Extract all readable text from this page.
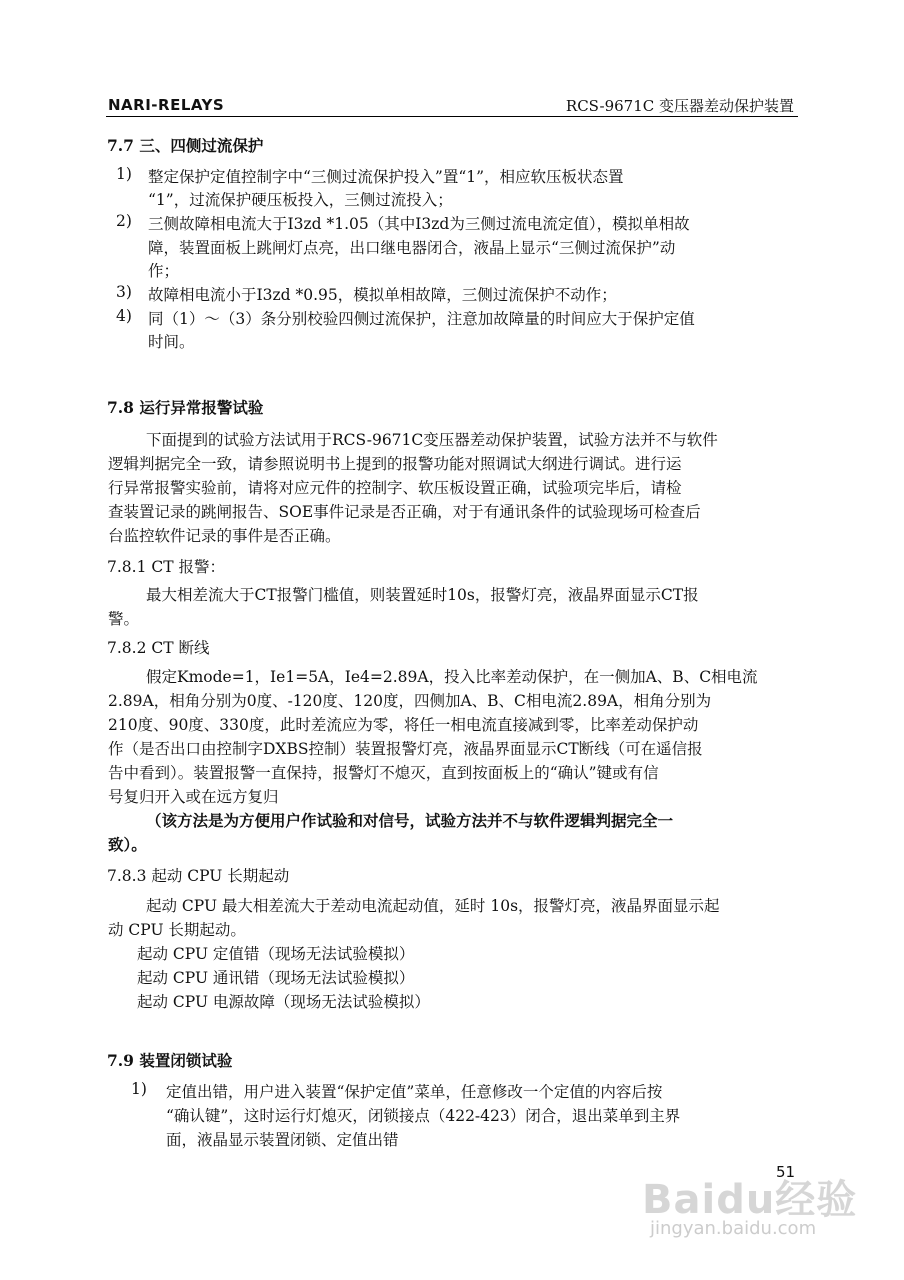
NARI-RELAYS	RCS-9671C 变压器差动保护装置
7.7 三、四侧过流保护
1) 整定保护定值控制字中“三侧过流保护投入”置“1”，相应软压板状态置
“1”，过流保护硬压板投入，三侧过流投入；
2) 三侧故障相电流大于I3zd *1.05（其中I3zd为三侧过流电流定值），模拟单相故
障，装置面板上跳闸灯点亮，出口继电器闭合，液晶上显示“三侧过流保护”动
作；
3) 故障相电流小于I3zd *0.95，模拟单相故障，三侧过流保护不动作；
4) 同（1）～（3）条分别校验四侧过流保护，注意加故障量的时间应大于保护定值
时间。
7.8 运行异常报警试验
下面提到的试验方法试用于RCS-9671C变压器差动保护装置，试验方法并不与软件
逻辑判据完全一致，请参照说明书上提到的报警功能对照调试大纲进行调试。进行运
行异常报警实验前，请将对应元件的控制字、软压板设置正确，试验项完毕后，请检
查装置记录的跳闸报告、SOE事件记录是否正确，对于有通讯条件的试验现场可检查后
台监控软件记录的事件是否正确。
7.8.1 CT 报警：
最大相差流大于CT报警门槛值，则装置延时10s，报警灯亮，液晶界面显示CT报
警。
7.8.2 CT 断线
假定Kmode=1，Ie1=5A，Ie4=2.89A，投入比率差动保护，在一侧加A、B、C相电流
2.89A，相角分别为0度、-120度、120度，四侧加A、B、C相电流2.89A，相角分别为
210度、90度、330度，此时差流应为零，将任一相电流直接减到零，比率差动保护动
作（是否出口由控制字DXBS控制）装置报警灯亮，液晶界面显示CT断线（可在遥信报
告中看到）。装置报警一直保持，报警灯不熄灭，直到按面板上的“确认”键或有信
号复归开入或在远方复归
（该方法是为方便用户作试验和对信号，试验方法并不与软件逻辑判据完全一
致）。
7.8.3 起动 CPU 长期起动
起动 CPU 最大相差流大于差动电流起动值，延时 10s，报警灯亮，液晶界面显示起
动 CPU 长期起动。
起动 CPU 定值错（现场无法试验模拟）
起动 CPU 通讯错（现场无法试验模拟）
起动 CPU 电源故障（现场无法试验模拟）
7.9 装置闭锁试验
1) 定值出错，用户进入装置“保护定值”菜单，任意修改一个定值的内容后按
“确认键”，这时运行灯熄灭，闭锁接点（422-423）闭合，退出菜单到主界
面，液晶显示装置闭锁、定值出错
51
Baidu经验
jingyan.baidu.com
